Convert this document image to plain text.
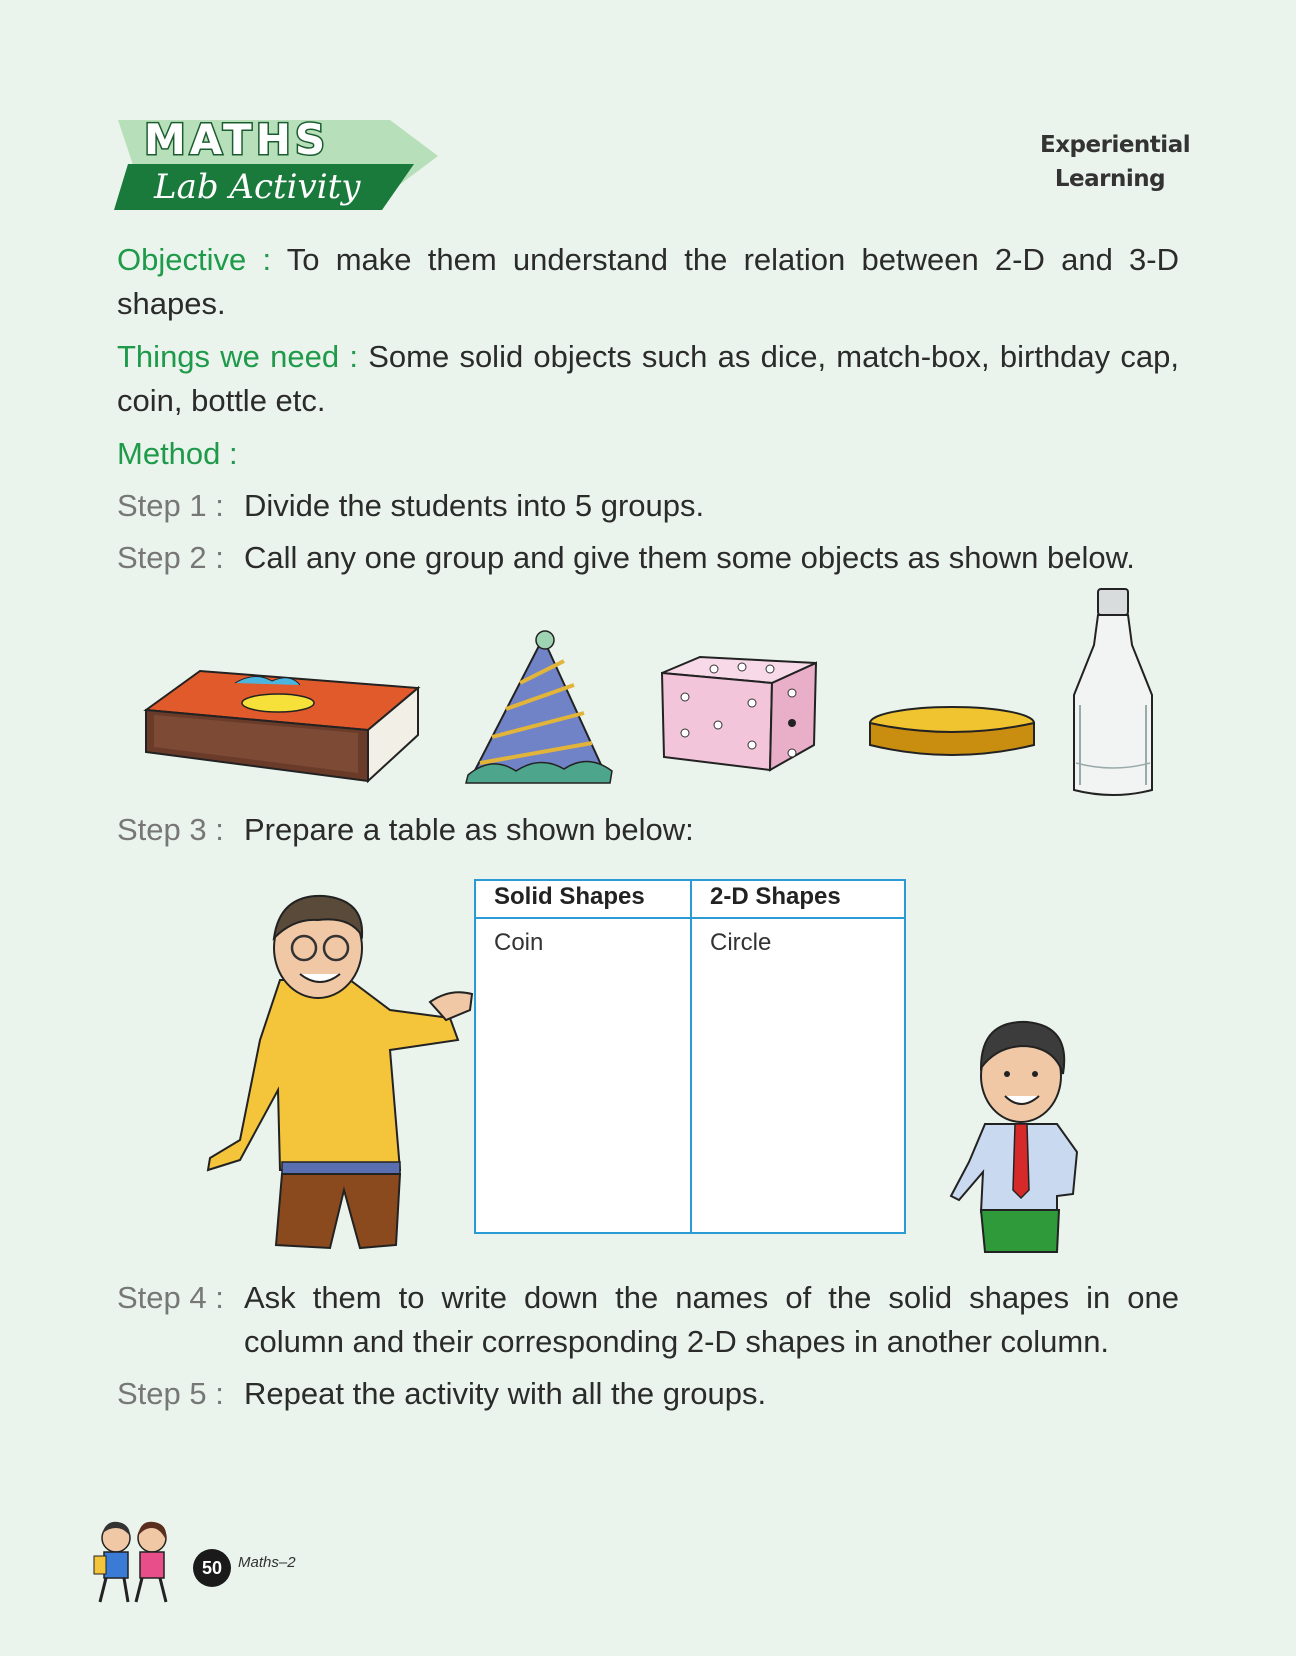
MATHS
Lab Activity
Experiential
Learning
Objective : To make them understand the relation between 2-D and 3-D shapes.
Things we need : Some solid objects such as dice, match-box, birthday cap, coin, bottle etc.
Method :
Step 1 : Divide the students into 5 groups.
Step 2 : Call any one group and give them some objects as shown below.
Step 3 : Prepare a table as shown below:
Solid Shapes	2-D Shapes
Coin	Circle
Step 4 : Ask them to write down the names of the solid shapes in one column and their corresponding 2-D shapes in another column.
Step 5 : Repeat the activity with all the groups.
50	Maths–2
